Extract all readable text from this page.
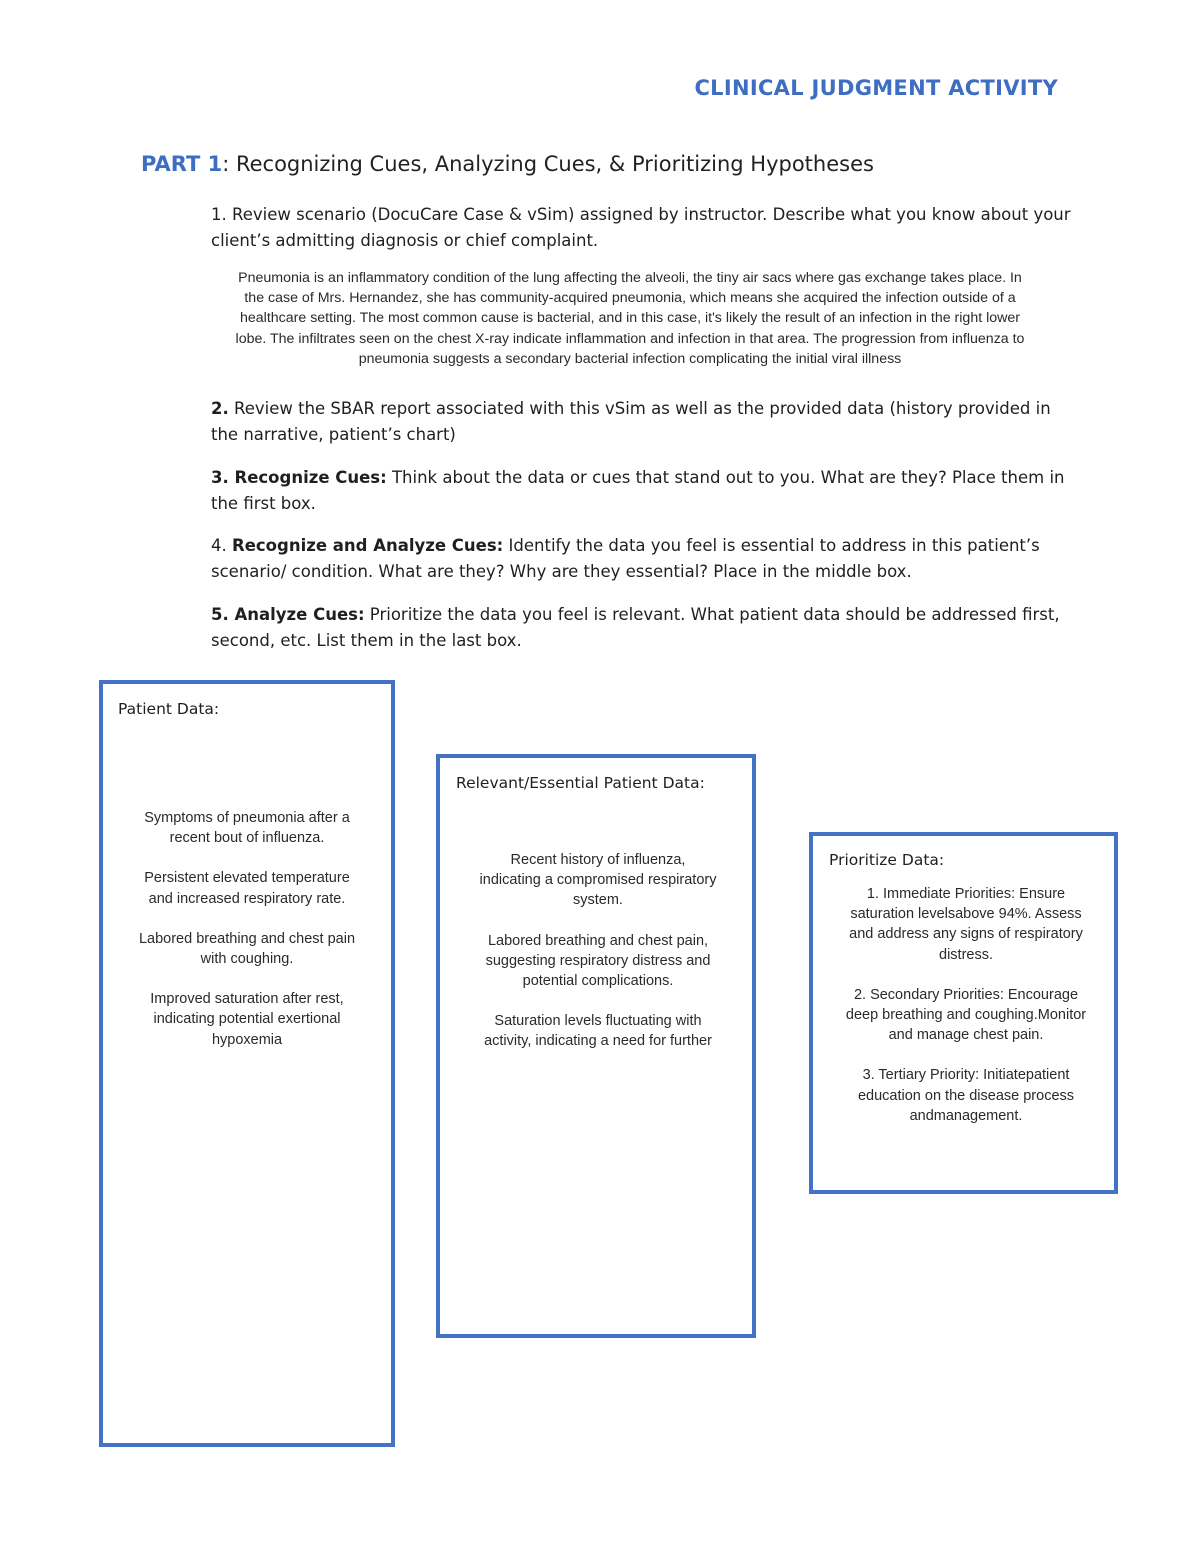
CLINICAL JUDGMENT ACTIVITY
PART 1: Recognizing Cues, Analyzing Cues, & Prioritizing Hypotheses
1. Review scenario (DocuCare Case & vSim) assigned by instructor. Describe what you know about your client’s admitting diagnosis or chief complaint.
Pneumonia is an inflammatory condition of the lung affecting the alveoli, the tiny air sacs where gas exchange takes place. In the case of Mrs. Hernandez, she has community-acquired pneumonia, which means she acquired the infection outside of a healthcare setting. The most common cause is bacterial, and in this case, it's likely the result of an infection in the right lower lobe. The infiltrates seen on the chest X-ray indicate inflammation and infection in that area. The progression from influenza to pneumonia suggests a secondary bacterial infection complicating the initial viral illness
2. Review the SBAR report associated with this vSim as well as the provided data (history provided in the narrative, patient’s chart)
3. Recognize Cues: Think about the data or cues that stand out to you. What are they? Place them in the first box.
4. Recognize and Analyze Cues: Identify the data you feel is essential to address in this patient’s scenario/ condition. What are they? Why are they essential? Place in the middle box.
5. Analyze Cues: Prioritize the data you feel is relevant. What patient data should be addressed first, second, etc. List them in the last box.
Patient Data:

Symptoms of pneumonia after a recent bout of influenza.

Persistent elevated temperature and increased respiratory rate.

Labored breathing and chest pain with coughing.

Improved saturation after rest, indicating potential exertional hypoxemia

Relevant/Essential Patient Data:

Recent history of influenza, indicating a compromised respiratory system.

Labored breathing and chest pain, suggesting respiratory distress and potential complications.

Saturation levels fluctuating with activity, indicating a need for further

Prioritize Data:

1. Immediate Priorities: Ensure saturation levelsabove 94%. Assess and address any signs of respiratory distress.

2. Secondary Priorities: Encourage deep breathing and coughing.Monitor and manage chest pain.

3. Tertiary Priority: Initiatepatient education on the disease process andmanagement.
